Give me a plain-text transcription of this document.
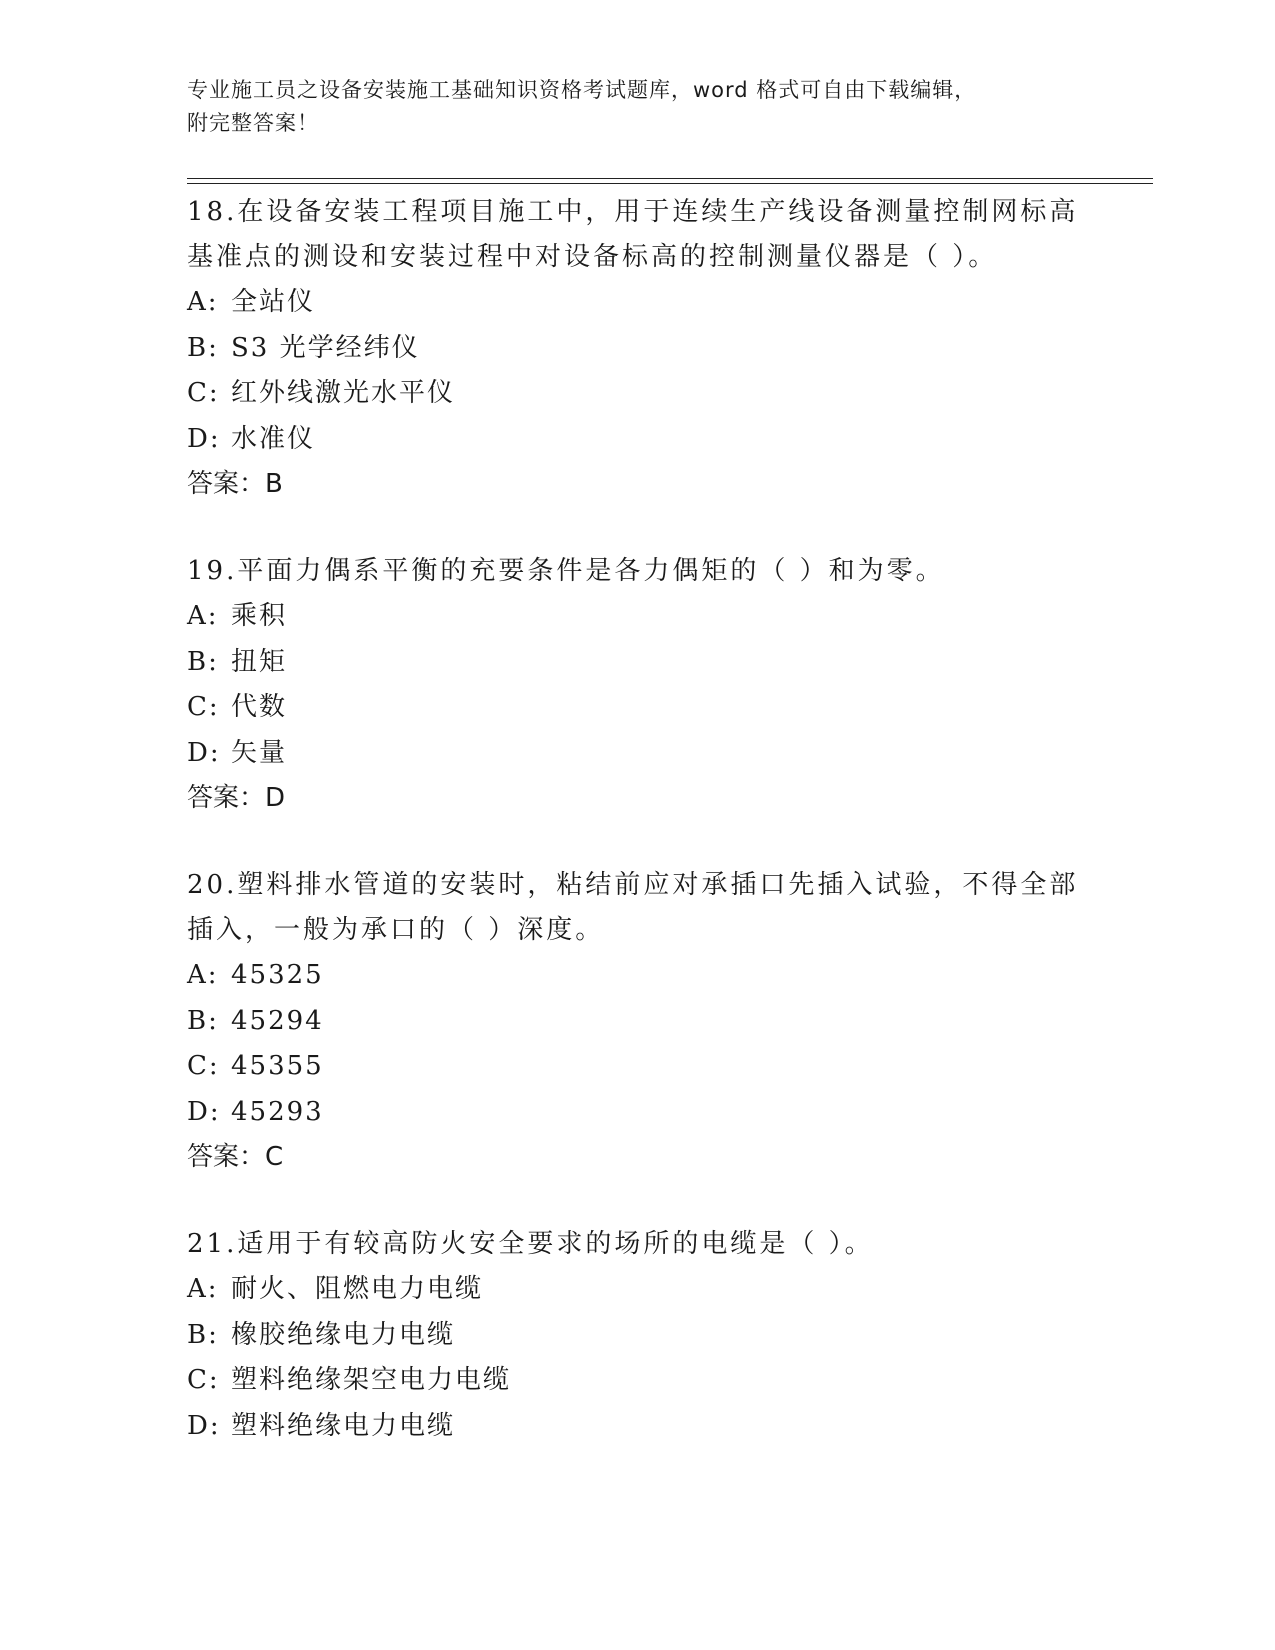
专业施工员之设备安装施工基础知识资格考试题库，word 格式可自由下载编辑，
附完整答案！

18.在设备安装工程项目施工中，用于连续生产线设备测量控制网标高基准点的测设和安装过程中对设备标高的控制测量仪器是（ ）。

A: 全站仪

B: S3 光学经纬仪

C: 红外线激光水平仪

D: 水准仪

答案：B

19.平面力偶系平衡的充要条件是各力偶矩的（ ）和为零。

A: 乘积

B: 扭矩

C: 代数

D: 矢量

答案：D

20.塑料排水管道的安装时，粘结前应对承插口先插入试验，不得全部插入，一般为承口的（ ）深度。

A: 45325

B: 45294

C: 45355

D: 45293

答案：C

21.适用于有较高防火安全要求的场所的电缆是（ ）。

A: 耐火、阻燃电力电缆

B: 橡胶绝缘电力电缆

C: 塑料绝缘架空电力电缆

D: 塑料绝缘电力电缆
